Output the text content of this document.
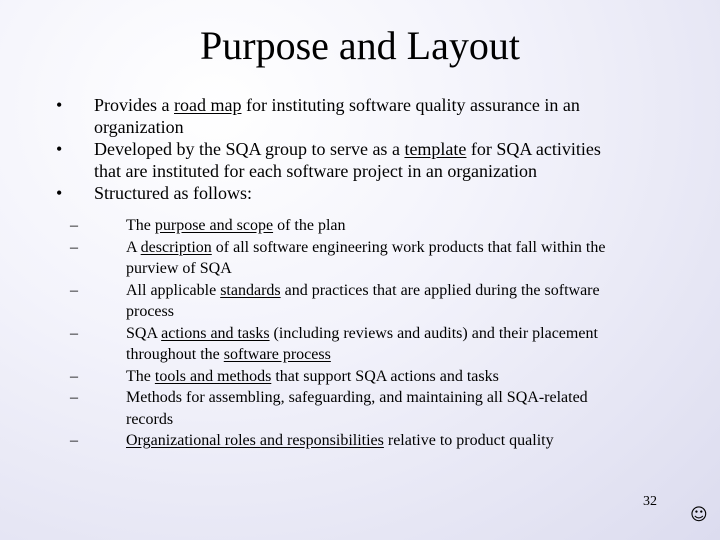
Purpose and Layout
•	Provides a road map for instituting software quality assurance in an
organization
•	Developed by the SQA group to serve as a template for SQA activities
that are instituted for each software project in an organization
•	Structured as follows:
–	The purpose and scope of the plan
–	A description of all software engineering work products that fall within the
purview of SQA
–	All applicable standards and practices that are applied during the software
process
–	SQA actions and tasks (including reviews and audits) and their placement
throughout the software process
–	The tools and methods that support SQA actions and tasks
–	Methods for assembling, safeguarding, and maintaining all SQA-related
records
–	Organizational roles and responsibilities relative to product quality
32
☺
